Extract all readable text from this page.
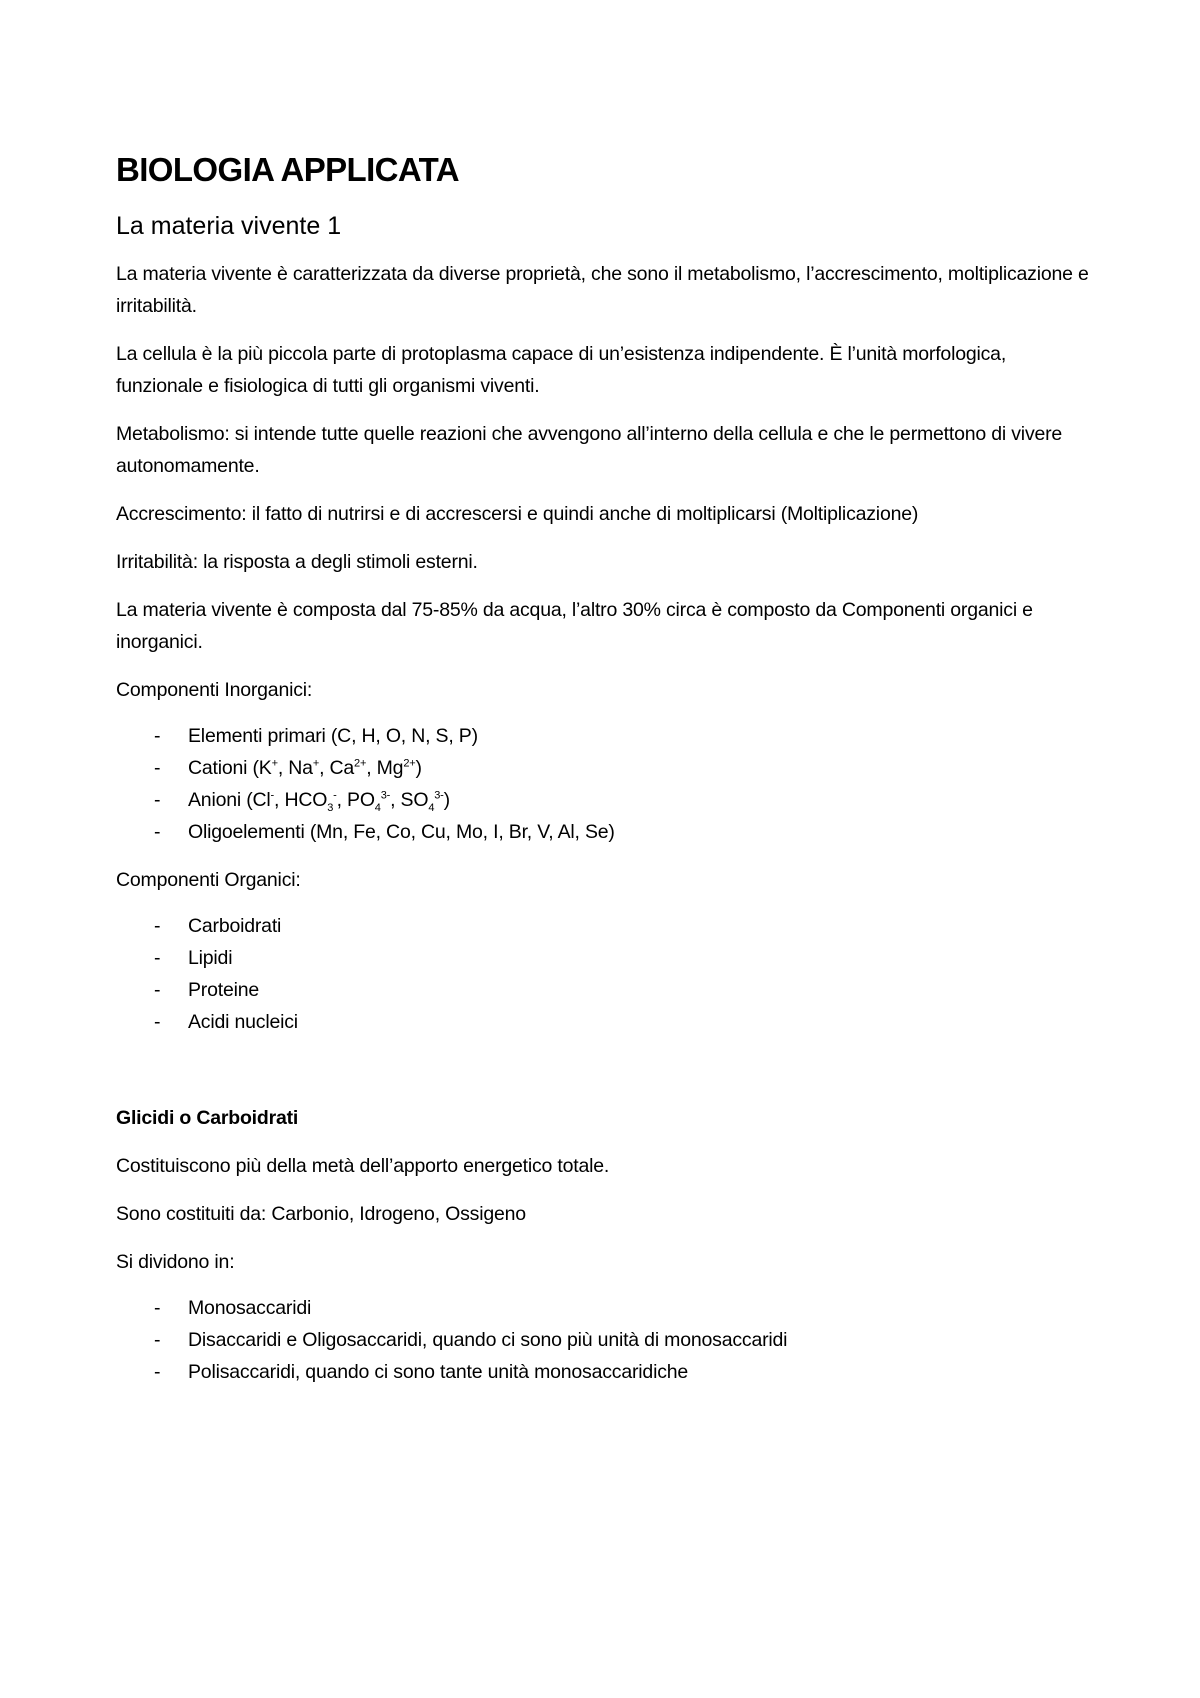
BIOLOGIA APPLICATA
La materia vivente 1

La materia vivente è caratterizzata da diverse proprietà, che sono il metabolismo, l’accrescimento, moltiplicazione e irritabilità.

La cellula è la più piccola parte di protoplasma capace di un’esistenza indipendente. È l’unità morfologica, funzionale e fisiologica di tutti gli organismi viventi.

Metabolismo: si intende tutte quelle reazioni che avvengono all’interno della cellula e che le permettono di vivere autonomamente.

Accrescimento: il fatto di nutrirsi e di accrescersi e quindi anche di moltiplicarsi (Moltiplicazione)

Irritabilità: la risposta a degli stimoli esterni.

La materia vivente è composta dal 75-85% da acqua, l’altro 30% circa è composto da Componenti organici e inorganici.

Componenti Inorganici:

- Elementi primari (C, H, O, N, S, P)
- Cationi (K+, Na+, $Ca^{2+}$, $Mg^{2+}$)
- Anioni (Cl-, $HCO_3^-$, $PO_4^{3-}$, $SO_4^{3-}$)
- Oligoelementi (Mn, Fe, Co, Cu, Mo, I, Br, V, Al, Se)

Componenti Organici:

- Carboidrati
- Lipidi
- Proteine
- Acidi nucleici

Glicidi o Carboidrati

Costituiscono più della metà dell’apporto energetico totale.

Sono costituiti da: Carbonio, Idrogeno, Ossigeno

Si dividono in:

- Monosaccaridi
- Disaccaridi e Oligosaccaridi, quando ci sono più unità di monosaccaridi
- Polisaccaridi, quando ci sono tante unità monosaccaridiche
